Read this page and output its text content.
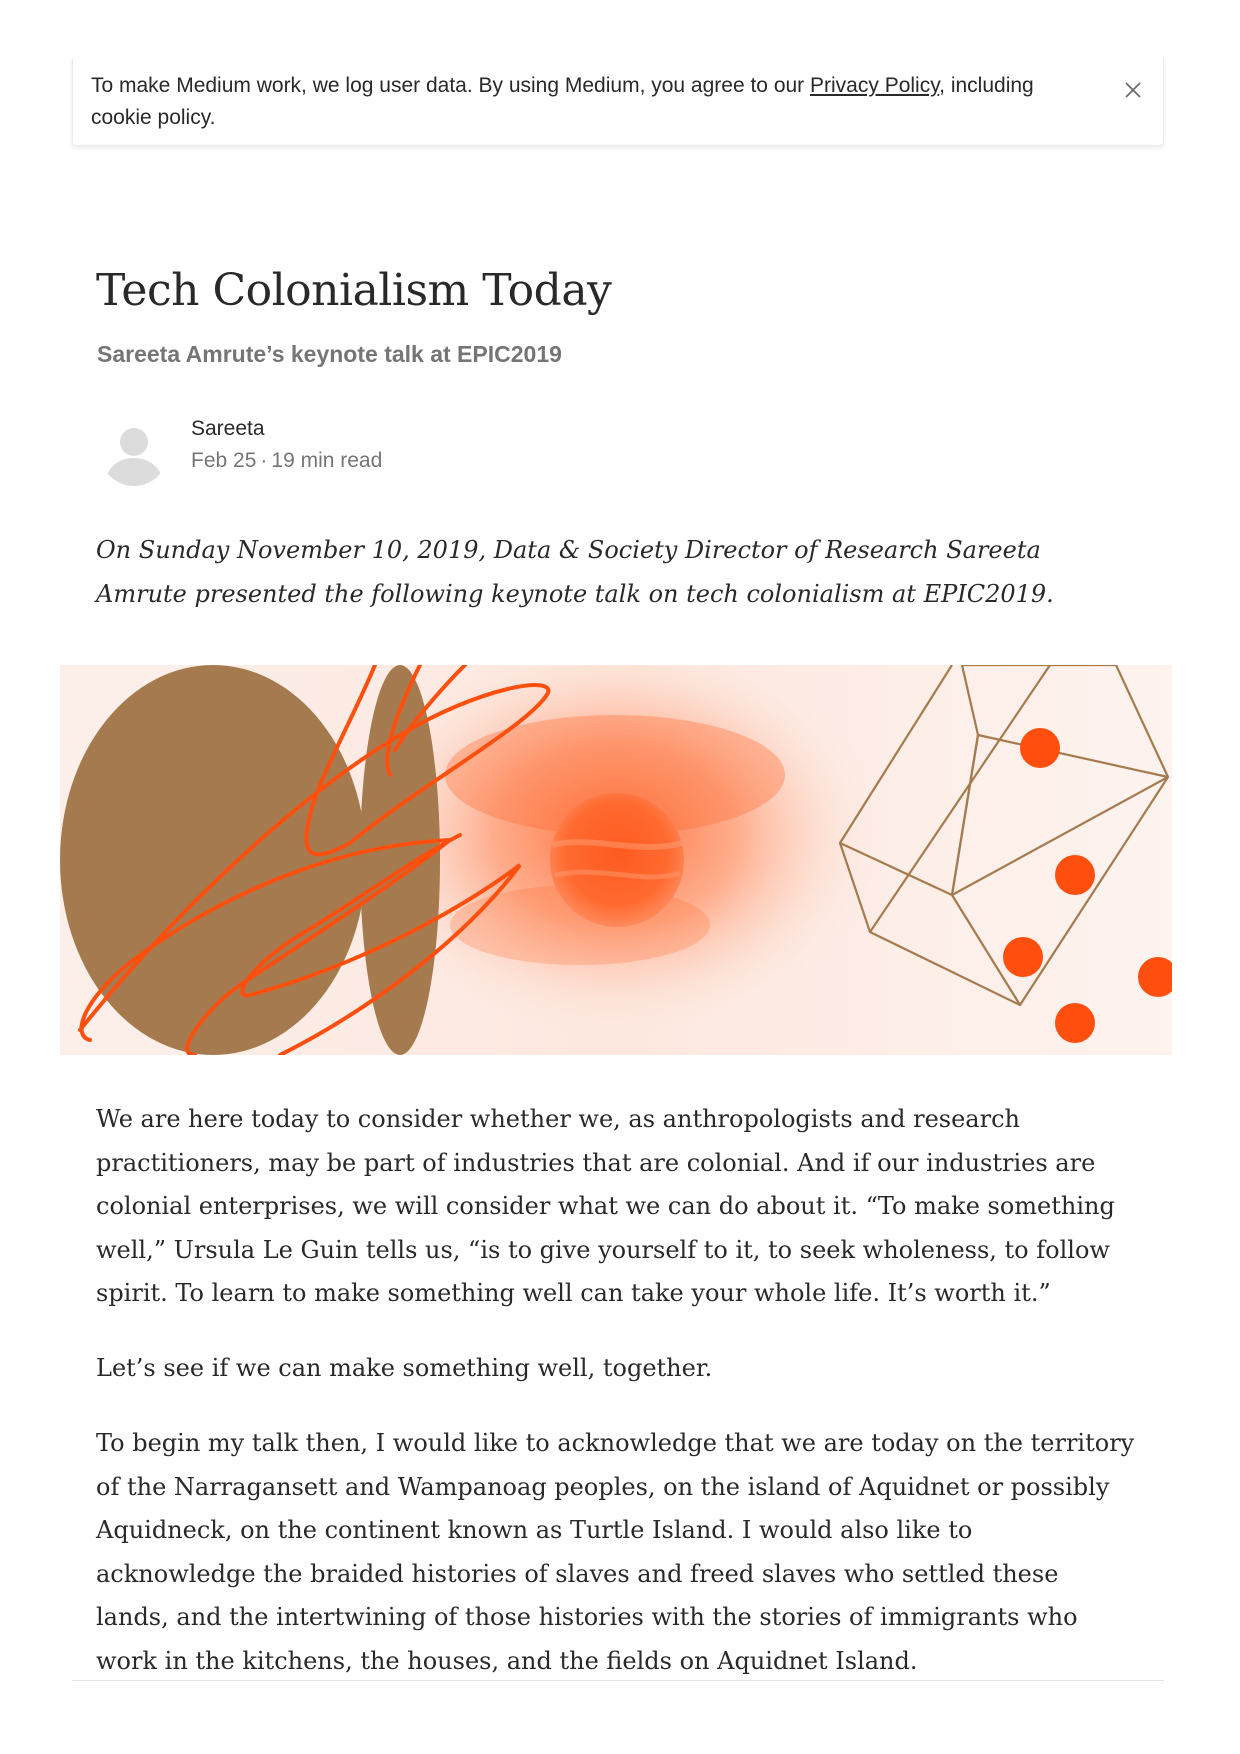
To make Medium work, we log user data. By using Medium, you agree to our Privacy Policy, including cookie policy.
Tech Colonialism Today
Sareeta Amrute’s keynote talk at EPIC2019
Sareeta
Feb 25 · 19 min read

On Sunday November 10, 2019, Data & Society Director of Research Sareeta Amrute presented the following keynote talk on tech colonialism at EPIC2019.

We are here today to consider whether we, as anthropologists and research practitioners, may be part of industries that are colonial. And if our industries are colonial enterprises, we will consider what we can do about it. “To make something well,” Ursula Le Guin tells us, “is to give yourself to it, to seek wholeness, to follow spirit. To learn to make something well can take your whole life. It’s worth it.”

Let’s see if we can make something well, together.

To begin my talk then, I would like to acknowledge that we are today on the territory of the Narragansett and Wampanoag peoples, on the island of Aquidnet or possibly Aquidneck, on the continent known as Turtle Island. I would also like to acknowledge the braided histories of slaves and freed slaves who settled these lands, and the intertwining of those histories with the stories of immigrants who work in the kitchens, the houses, and the fields on Aquidnet Island.
